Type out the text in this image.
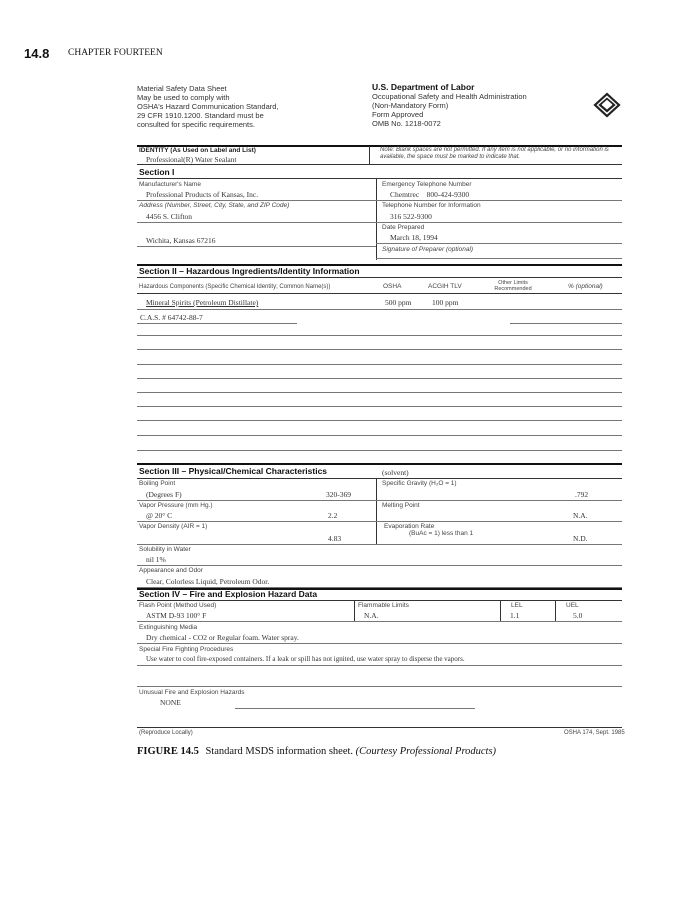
14.8 CHAPTER FOURTEEN
Material Safety Data Sheet
May be used to comply with
OSHA's Hazard Communication Standard,
29 CFR 1910.1200. Standard must be
consulted for specific requirements.
U.S. Department of Labor
Occupational Safety and Health Administration
(Non-Mandatory Form)
Form Approved
OMB No. 1218-0072
IDENTITY (As Used on Label and List)
Professional(R) Water Sealant
Note: Blank spaces are not permitted. If any item is not applicable, or no information is available, the space must be marked to indicate that.
Section I
Manufacturer's Name
Professional Products of Kansas, Inc.
Address (Number, Street, City, State, and ZIP Code)
4456 S. Clifton
Wichita, Kansas 67216
Emergency Telephone Number
Chemtrec    800-424-9300
Telephone Number for Information
316 522-9300
Date Prepared
March 18, 1994
Signature of Preparer (optional)
Section II – Hazardous Ingredients/Identity Information
Hazardous Components (Specific Chemical Identity; Common Name(s))	OSHA	ACGIH TLV	Other Limits Recommended	% (optional)
Mineral Spirits (Petroleum Distillate)	500 ppm	100 ppm
C.A.S. # 64742-88-7
Section III – Physical/Chemical Characteristics	(solvent)
Boiling Point
(Degrees F)	320-369
Vapor Pressure (mm Hg.)
@ 20° C	2.2
Vapor Density (AIR = 1)
4.83
Specific Gravity (H₂O = 1)
.792
Melting Point
N.A.
Evaporation Rate
(BuAc = 1) less than 1
N.D.
Solubility in Water
nil 1%
Appearance and Odor
Clear, Colorless Liquid, Petroleum Odor.
Section IV – Fire and Explosion Hazard Data
Flash Point (Method Used)
ASTM D-93 100° F
Flammable Limits
N.A.
LEL
1.1
UEL
5.0
Extinguishing Media
Dry chemical - CO2 or Regular foam. Water spray.
Special Fire Fighting Procedures
Use water to cool fire-exposed containers. If a leak or spill has not ignited, use water spray to disperse the vapors.
Unusual Fire and Explosion Hazards
NONE
(Reproduce Locally)	OSHA 174, Sept. 1985
FIGURE 14.5 Standard MSDS information sheet. (Courtesy Professional Products)
